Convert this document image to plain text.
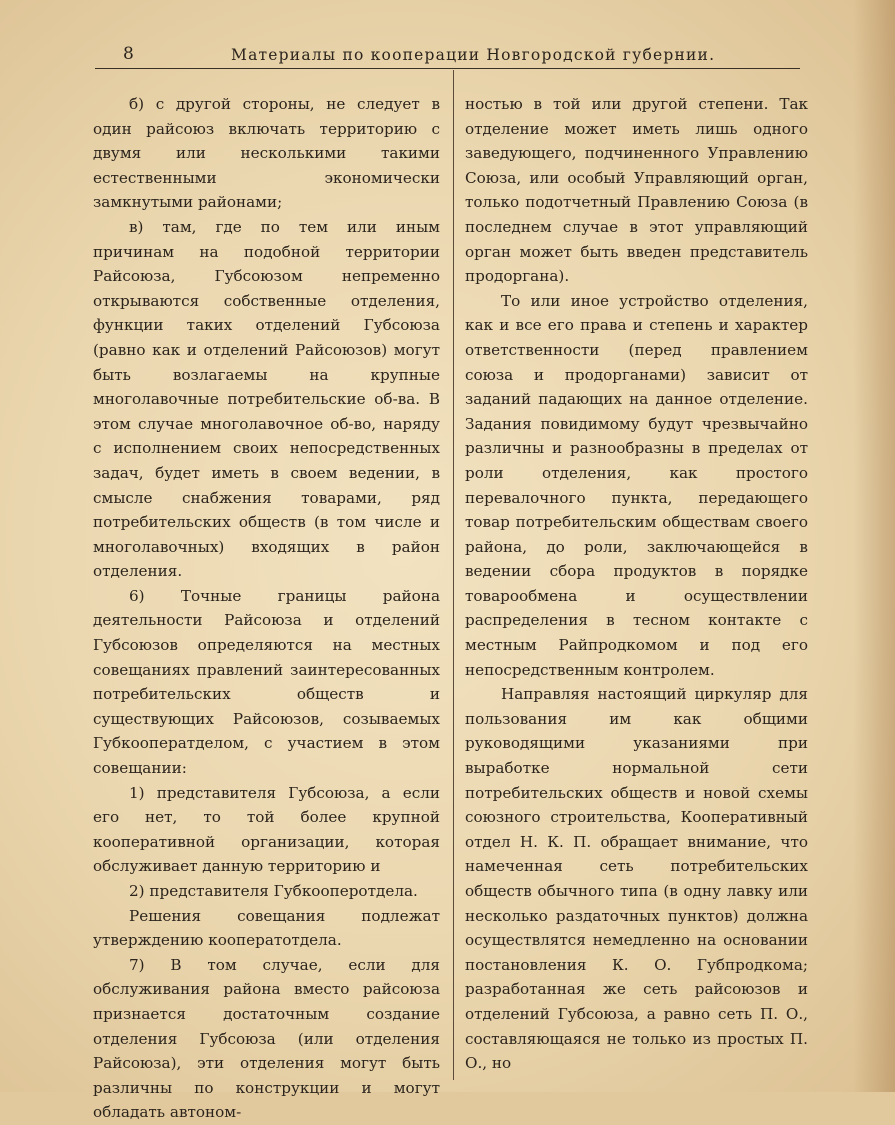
8	Материалы по кооперации Новгородской губернии.

б) с другой стороны, не следует в один райсоюз включать территорию с двумя или несколькими такими естественными экономически замкнутыми районами;

в) там, где по тем или иным причинам на подобной территории Райсоюза, Губсоюзом непременно открываются собственные отделения, функции таких отделений Губсоюза (равно как и отделений Райсоюзов) могут быть возлагаемы на крупные многолавочные потребительские об-ва. В этом случае многолавочное об-во, наряду с исполнением своих непосредственных задач, будет иметь в своем ведении, в смысле снабжения товарами, ряд потребительских обществ (в том числе и многолавочных) входящих в район отделения.

6) Точные границы района деятельности Райсоюза и отделений Губсоюзов определяются на местных совещаниях правлений заинтересованных потребительских обществ и существующих Райсоюзов, созываемых Губкооператделом, с участием в этом совещании:

1) представителя Губсоюза, а если его нет, то той более крупной кооперативной организации, которая обслуживает данную территорию и

2) представителя Губкооперотдела.

Решения совещания подлежат утверждению кооператотдела.

7) В том случае, если для обслуживания района вместо райсоюза признается достаточным создание отделения Губсоюза (или отделения Райсоюза), эти отделения могут быть различны по конструкции и могут обладать автоном-

ностью в той или другой степени. Так отделение может иметь лишь одного заведующего, подчиненного Управлению Союза, или особый Управляющий орган, только подотчетный Правлению Союза (в последнем случае в этот управляющий орган может быть введен представитель продоргана).

То или иное устройство отделения, как и все его права и степень и характер ответственности (перед правлением союза и продорганами) зависит от заданий падающих на данное отделение. Задания повидимому будут чрезвычайно различны и разнообразны в пределах от роли отделения, как простого перевалочного пункта, передающего товар потребительским обществам своего района, до роли, заключающейся в ведении сбора продуктов в порядке товарообмена и осуществлении распределения в тесном контакте с местным Райпродкомом и под его непосредственным контролем.

Направляя настоящий циркуляр для пользования им как общими руководящими указаниями при выработке нормальной сети потребительских обществ и новой схемы союзного строительства, Кооперативный отдел Н. К. П. обращает внимание, что намеченная сеть потребительских обществ обычного типа (в одну лавку или несколько раздаточных пунктов) должна осуществлятся немедленно на основании постановления К. О. Губпродкома; разработанная же сеть райсоюзов и отделений Губсоюза, а равно сеть П. О., составляющаяся не только из простых П. О., но
